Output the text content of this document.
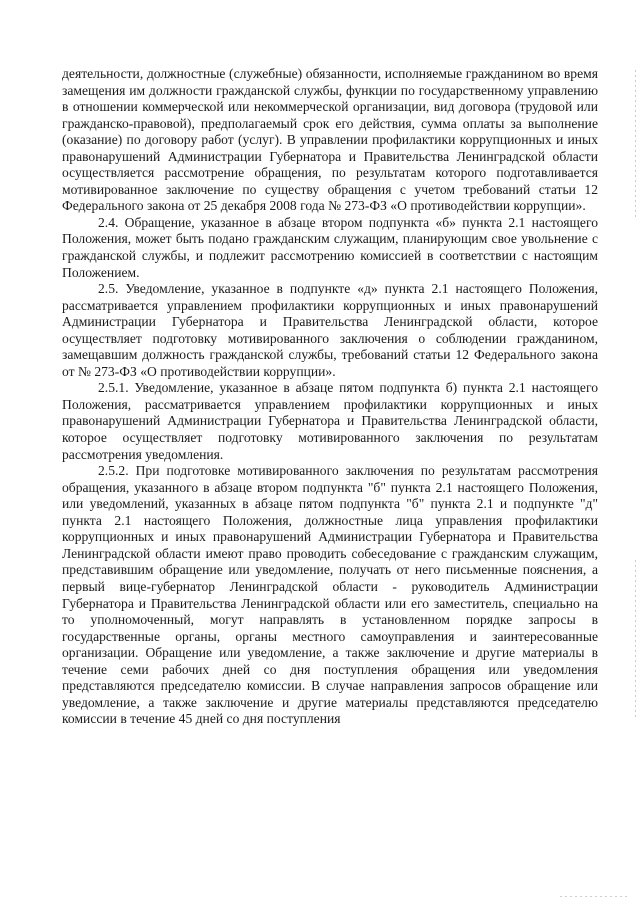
деятельности, должностные (служебные) обязанности, исполняемые гражданином во время замещения им должности гражданской службы, функции по государственному управлению в отношении коммерческой или некоммерческой организации, вид договора (трудовой или гражданско-правовой), предполагаемый срок его действия, сумма оплаты за выполнение (оказание) по договору работ (услуг). В управлении профилактики коррупционных и иных правонарушений Администрации Губернатора и Правительства Ленинградской области осуществляется рассмотрение обращения, по результатам которого подготавливается мотивированное заключение по существу обращения с учетом требований статьи 12 Федерального закона от 25 декабря 2008 года № 273-ФЗ «О противодействии коррупции».

2.4. Обращение, указанное в абзаце втором подпункта «б» пункта 2.1 настоящего Положения, может быть подано гражданским служащим, планирующим свое увольнение с гражданской службы, и подлежит рассмотрению комиссией в соответствии с настоящим Положением.

2.5. Уведомление, указанное в подпункте «д» пункта 2.1 настоящего Положения, рассматривается управлением профилактики коррупционных и иных правонарушений Администрации Губернатора и Правительства Ленинградской области, которое осуществляет подготовку мотивированного заключения о соблюдении гражданином, замещавшим должность гражданской службы, требований статьи 12 Федерального закона от № 273-ФЗ «О противодействии коррупции».

2.5.1. Уведомление, указанное в абзаце пятом подпункта б) пункта 2.1 настоящего Положения, рассматривается управлением профилактики коррупционных и иных правонарушений Администрации Губернатора и Правительства Ленинградской области, которое осуществляет подготовку мотивированного заключения по результатам рассмотрения уведомления.

2.5.2. При подготовке мотивированного заключения по результатам рассмотрения обращения, указанного в абзаце втором подпункта "б" пункта 2.1 настоящего Положения, или уведомлений, указанных в абзаце пятом подпункта "б" пункта 2.1 и подпункте "д" пункта 2.1 настоящего Положения, должностные лица управления профилактики коррупционных и иных правонарушений Администрации Губернатора и Правительства Ленинградской области имеют право проводить собеседование с гражданским служащим, представившим обращение или уведомление, получать от него письменные пояснения, а первый вице-губернатор Ленинградской области - руководитель Администрации Губернатора и Правительства Ленинградской области или его заместитель, специально на то уполномоченный, могут направлять в установленном порядке запросы в государственные органы, органы местного самоуправления и заинтересованные организации. Обращение или уведомление, а также заключение и другие материалы в течение семи рабочих дней со дня поступления обращения или уведомления представляются председателю комиссии. В случае направления запросов обращение или уведомление, а также заключение и другие материалы представляются председателю комиссии в течение 45 дней со дня поступления
